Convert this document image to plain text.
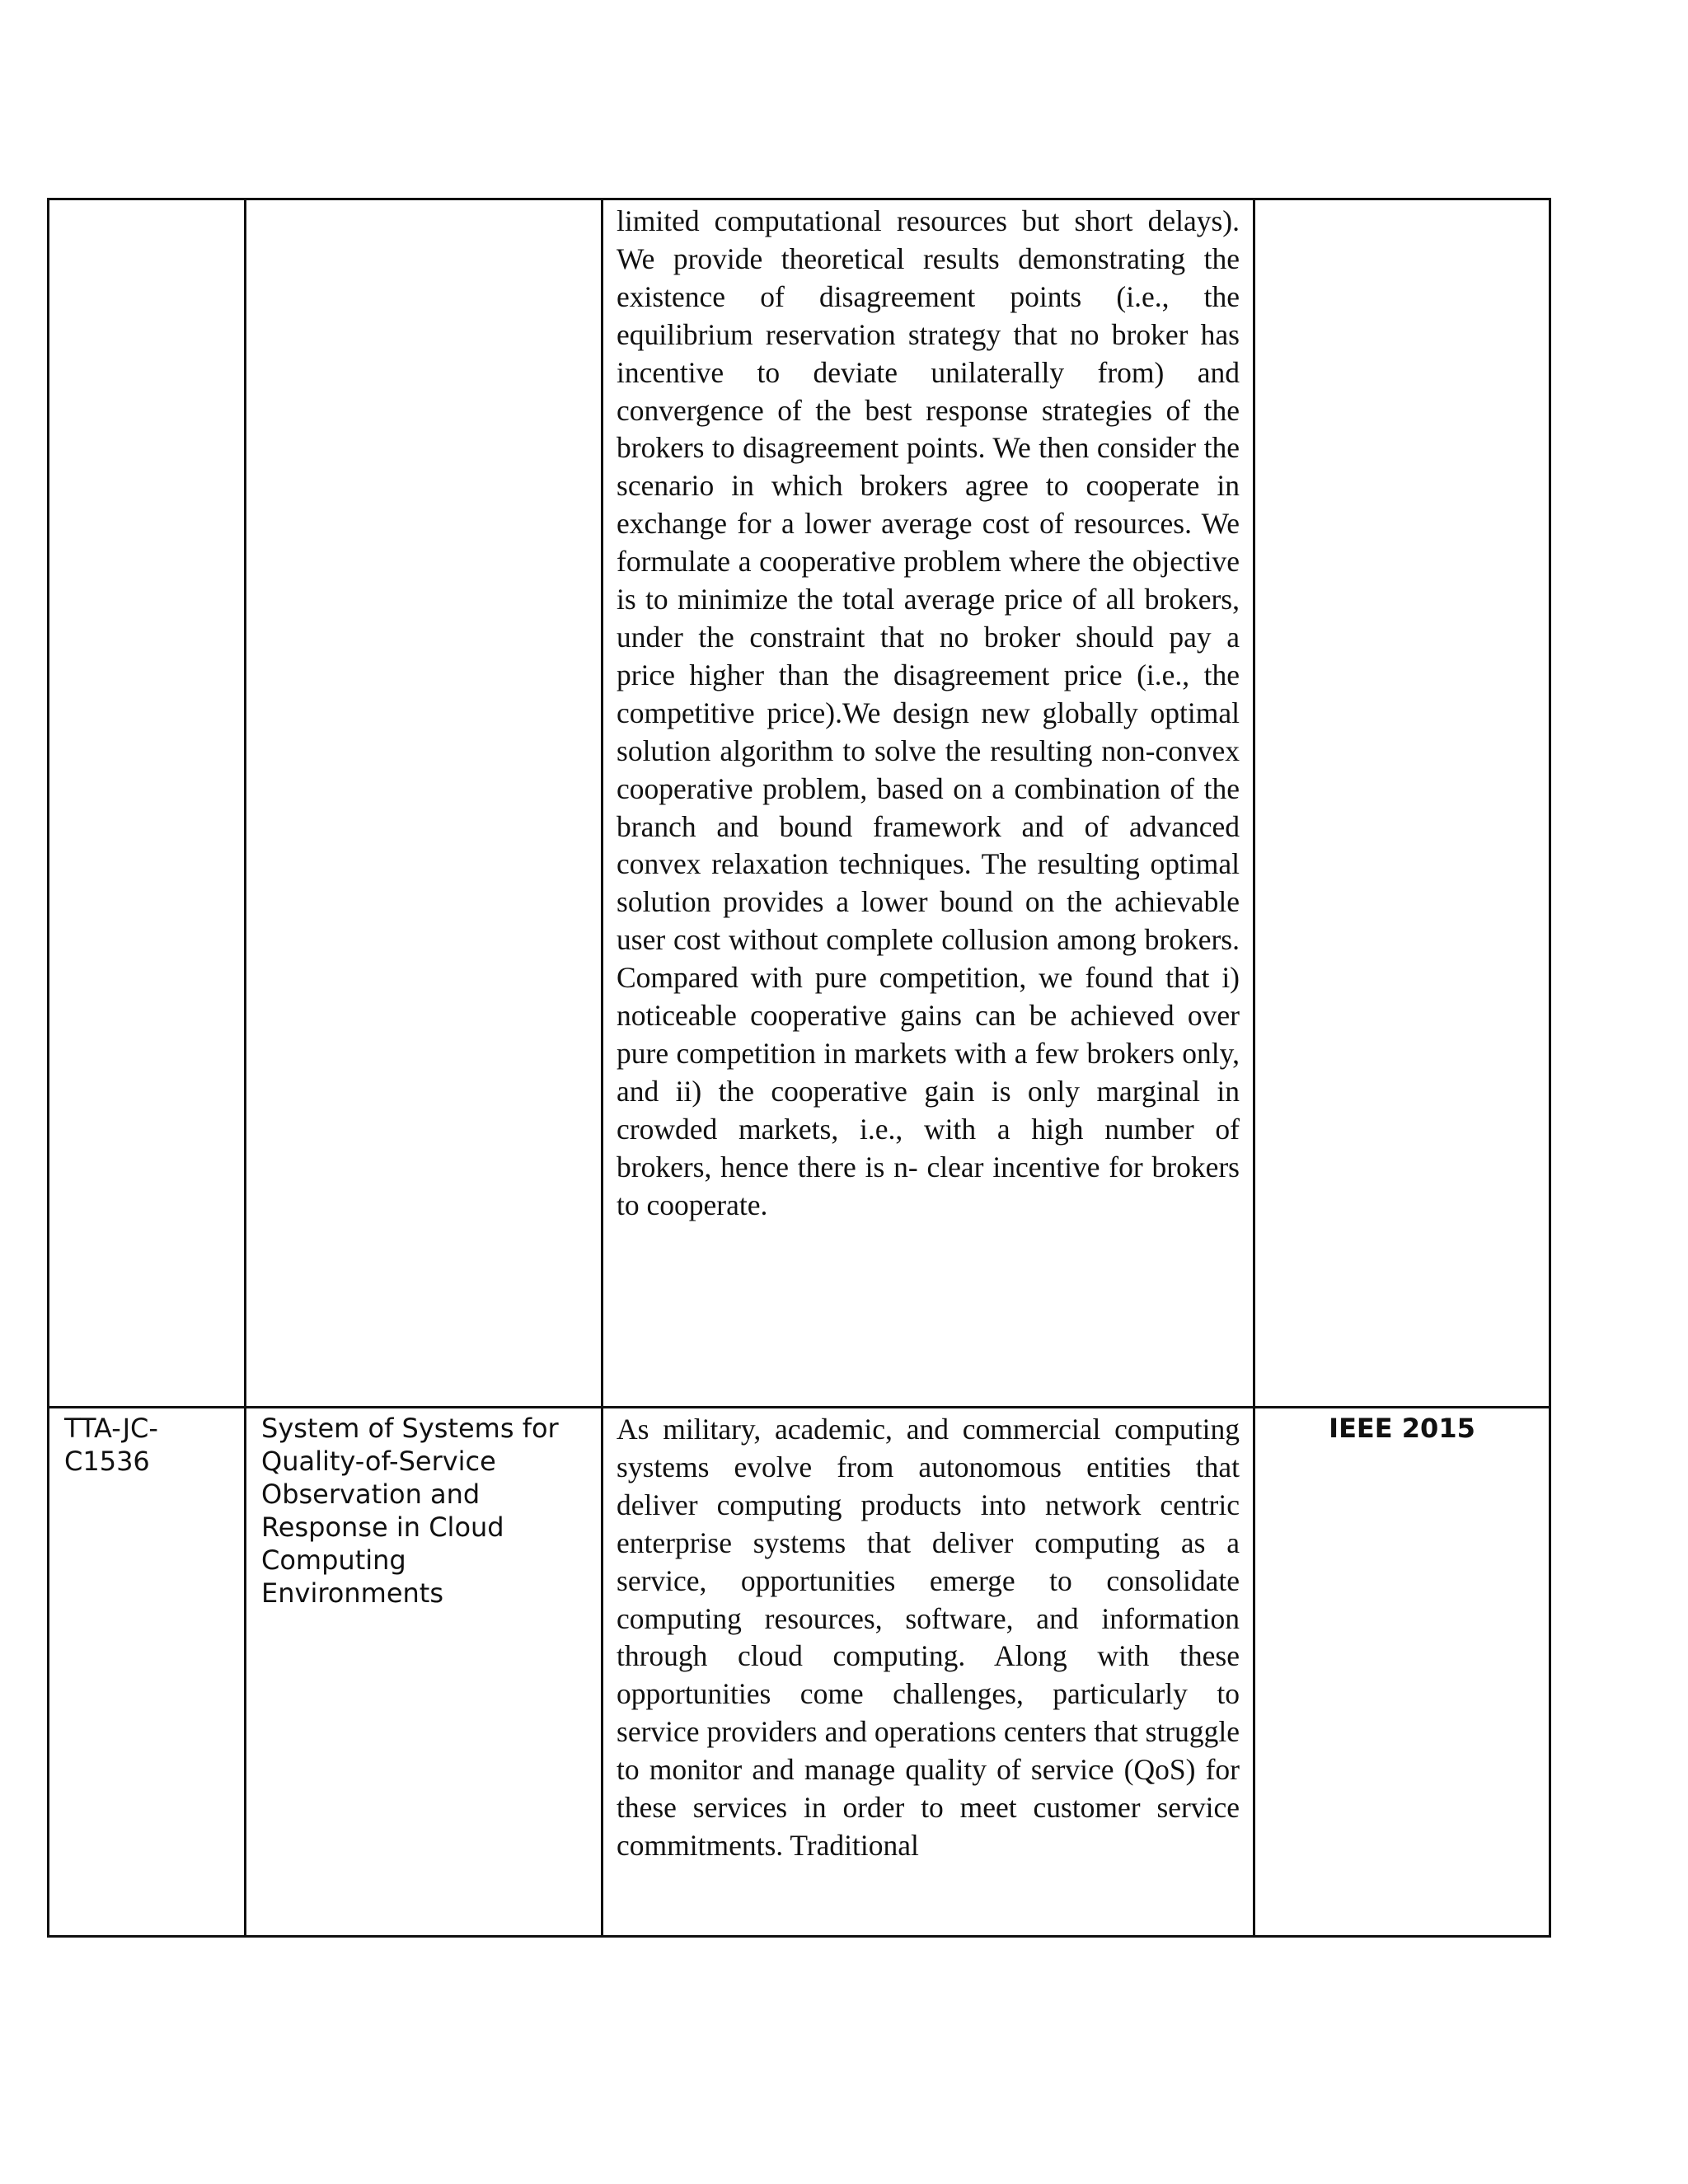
		limited computational resources but short delays). We provide theoretical results demonstrating the existence of disagreement points (i.e., the equilibrium reservation strategy that no broker has incentive to deviate unilaterally from) and convergence of the best response strategies of the brokers to disagreement points. We then consider the scenario in which brokers agree to cooperate in exchange for a lower average cost of resources. We formulate a cooperative problem where the objective is to minimize the total average price of all brokers, under the constraint that no broker should pay a price higher than the disagreement price (i.e., the competitive price).We design new globally optimal solution algorithm to solve the resulting non-convex cooperative problem, based on a combination of the branch and bound framework and of advanced convex relaxation techniques. The resulting optimal solution provides a lower bound on the achievable user cost without complete collusion among brokers. Compared with pure competition, we found that i) noticeable cooperative gains can be achieved over pure competition in markets with a few brokers only, and ii) the cooperative gain is only marginal in crowded markets, i.e., with a high number of brokers, hence there is n- clear incentive for brokers to cooperate.	

TTA-JC-C1536	System of Systems for Quality-of-Service Observation and Response in Cloud Computing Environments	As military, academic, and commercial computing systems evolve from autonomous entities that deliver computing products into network centric enterprise systems that deliver computing as a service, opportunities emerge to consolidate computing resources, software, and information through cloud computing. Along with these opportunities come challenges, particularly to service providers and operations centers that struggle to monitor and manage quality of service (QoS) for these services in order to meet customer service commitments. Traditional	IEEE 2015
